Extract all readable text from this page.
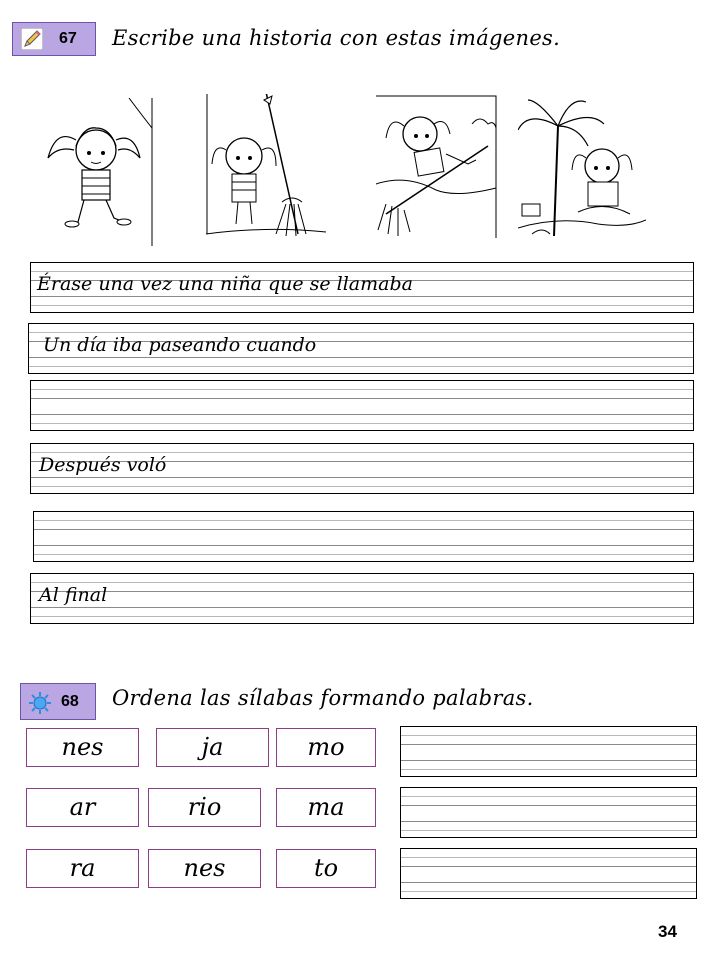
67 Escribe una historia con estas imágenes.
Érase una vez una niña que se llamaba
Un día iba paseando cuando
Después voló
Al final
68 Ordena las sílabas formando palabras.
nes	ja	mo
ar	rio	ma
ra	nes	to
34
